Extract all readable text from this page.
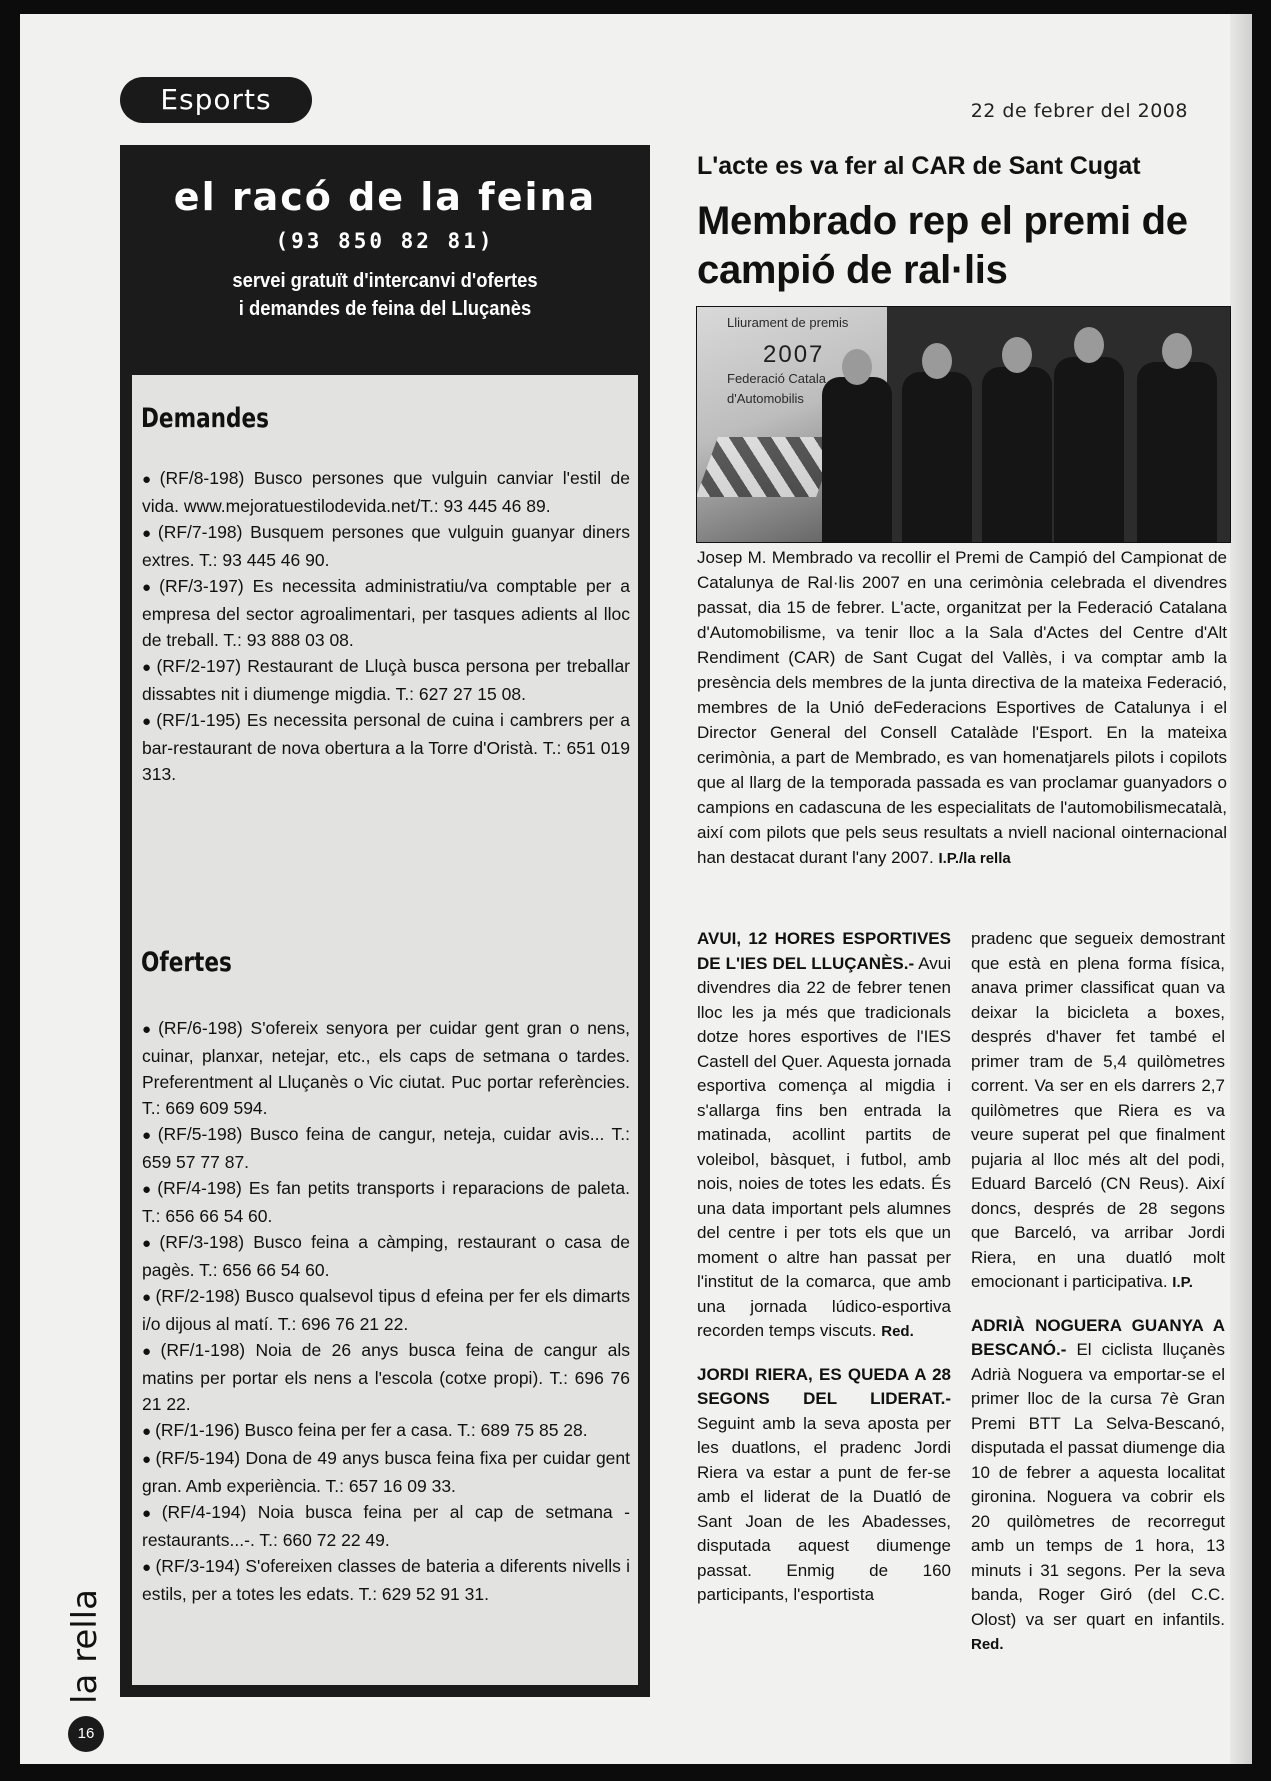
Esports	22 de febrer del 2008
el racó de la feina
(93 850 82 81)
servei gratuït d'intercanvi d'ofertes
i demandes de feina del Lluçanès
Demandes
● (RF/8-198) Busco persones que vulguin canviar l'estil de vida. www.mejoratuestilodevida.net/T.: 93 445 46 89.
● (RF/7-198) Busquem persones que vulguin guanyar diners extres. T.: 93 445 46 90.
● (RF/3-197) Es necessita administratiu/va comptable per a empresa del sector agroalimentari, per tasques adients al lloc de treball. T.: 93 888 03 08.
● (RF/2-197) Restaurant de Lluçà busca persona per treballar dissabtes nit i diumenge migdia. T.: 627 27 15 08.
● (RF/1-195) Es necessita personal de cuina i cambrers per a bar-restaurant de nova obertura a la Torre d'Oristà. T.: 651 019 313.
Ofertes
● (RF/6-198) S'ofereix senyora per cuidar gent gran o nens, cuinar, planxar, netejar, etc., els caps de setmana o tardes. Preferentment al Lluçanès o Vic ciutat. Puc portar referències. T.: 669 609 594.
● (RF/5-198) Busco feina de cangur, neteja, cuidar avis... T.: 659 57 77 87.
● (RF/4-198) Es fan petits transports i reparacions de paleta. T.: 656 66 54 60.
● (RF/3-198) Busco feina a càmping, restaurant o casa de pagès. T.: 656 66 54 60.
● (RF/2-198) Busco qualsevol tipus d efeina per fer els dimarts i/o dijous al matí. T.: 696 76 21 22.
● (RF/1-198) Noia de 26 anys busca feina de cangur als matins per portar els nens a l'escola (cotxe propi). T.: 696 76 21 22.
● (RF/1-196) Busco feina per fer a casa. T.: 689 75 85 28.
● (RF/5-194) Dona de 49 anys busca feina fixa per cuidar gent gran. Amb experiència. T.: 657 16 09 33.
● (RF/4-194) Noia busca feina per al cap de setmana -restaurants...-. T.: 660 72 22 49.
● (RF/3-194) S'ofereixen classes de bateria a diferents nivells i estils, per a totes les edats. T.: 629 52 91 31.
L'acte es va fer al CAR de Sant Cugat
Membrado rep el premi de campió de ral·lis
Lliurament de premis
2007
Federació Catala
d'Automobilis

Josep M. Membrado va recollir el Premi de Campió del Campionat de Catalunya de Ral·lis 2007 en una cerimònia celebrada el divendres passat, dia 15 de febrer. L'acte, organitzat per la Federació Catalana d'Automobilisme, va tenir lloc a la Sala d'Actes del Centre d'Alt Rendiment (CAR) de Sant Cugat del Vallès, i va comptar amb la presència dels membres de la junta directiva de la mateixa Federació, membres de la Unió deFederacions Esportives de Catalunya i el Director General del Consell Catalàde l'Esport. En la mateixa cerimònia, a part de Membrado, es van homenatjarels pilots i copilots que al llarg de la temporada passada es van proclamar guanyadors o campions en cadascuna de les especialitats de l'automobilismecatalà, així com pilots que pels seus resultats a nviell nacional ointernacional han destacat durant l'any 2007. I.P./la rella

AVUI, 12 HORES ESPORTIVES DE L'IES DEL LLUÇANÈS.- Avui divendres dia 22 de febrer tenen lloc les ja més que tradicionals dotze hores esportives de l'IES Castell del Quer. Aquesta jornada esportiva comença al migdia i s'allarga fins ben entrada la matinada, acollint partits de voleibol, bàsquet, i futbol, amb nois, noies de totes les edats. És una data important pels alumnes del centre i per tots els que un moment o altre han passat per l'institut de la comarca, que amb una jornada lúdico-esportiva recorden temps viscuts. Red.

JORDI RIERA, ES QUEDA A 28 SEGONS DEL LIDERAT.- Seguint amb la seva aposta per les duatlons, el pradenc Jordi Riera va estar a punt de fer-se amb el liderat de la Duatló de Sant Joan de les Abadesses, disputada aquest diumenge passat. Enmig de 160 participants, l'esportista

pradenc que segueix demostrant que està en plena forma física, anava primer classificat quan va deixar la bicicleta a boxes, després d'haver fet també el primer tram de 5,4 quilòmetres corrent. Va ser en els darrers 2,7 quilòmetres que Riera es va veure superat pel que finalment pujaria al lloc més alt del podi, Eduard Barceló (CN Reus). Així doncs, després de 28 segons que Barceló, va arribar Jordi Riera, en una duatló molt emocionant i participativa. I.P.

ADRIÀ NOGUERA GUANYA A BESCANÓ.- El ciclista lluçanès Adrià Noguera va emportar-se el primer lloc de la cursa 7è Gran Premi BTT La Selva-Bescanó, disputada el passat diumenge dia 10 de febrer a aquesta localitat gironina. Noguera va cobrir els 20 quilòmetres de recorregut amb un temps de 1 hora, 13 minuts i 31 segons. Per la seva banda, Roger Giró (del C.C. Olost) va ser quart en infantils. Red.

la rella
16
